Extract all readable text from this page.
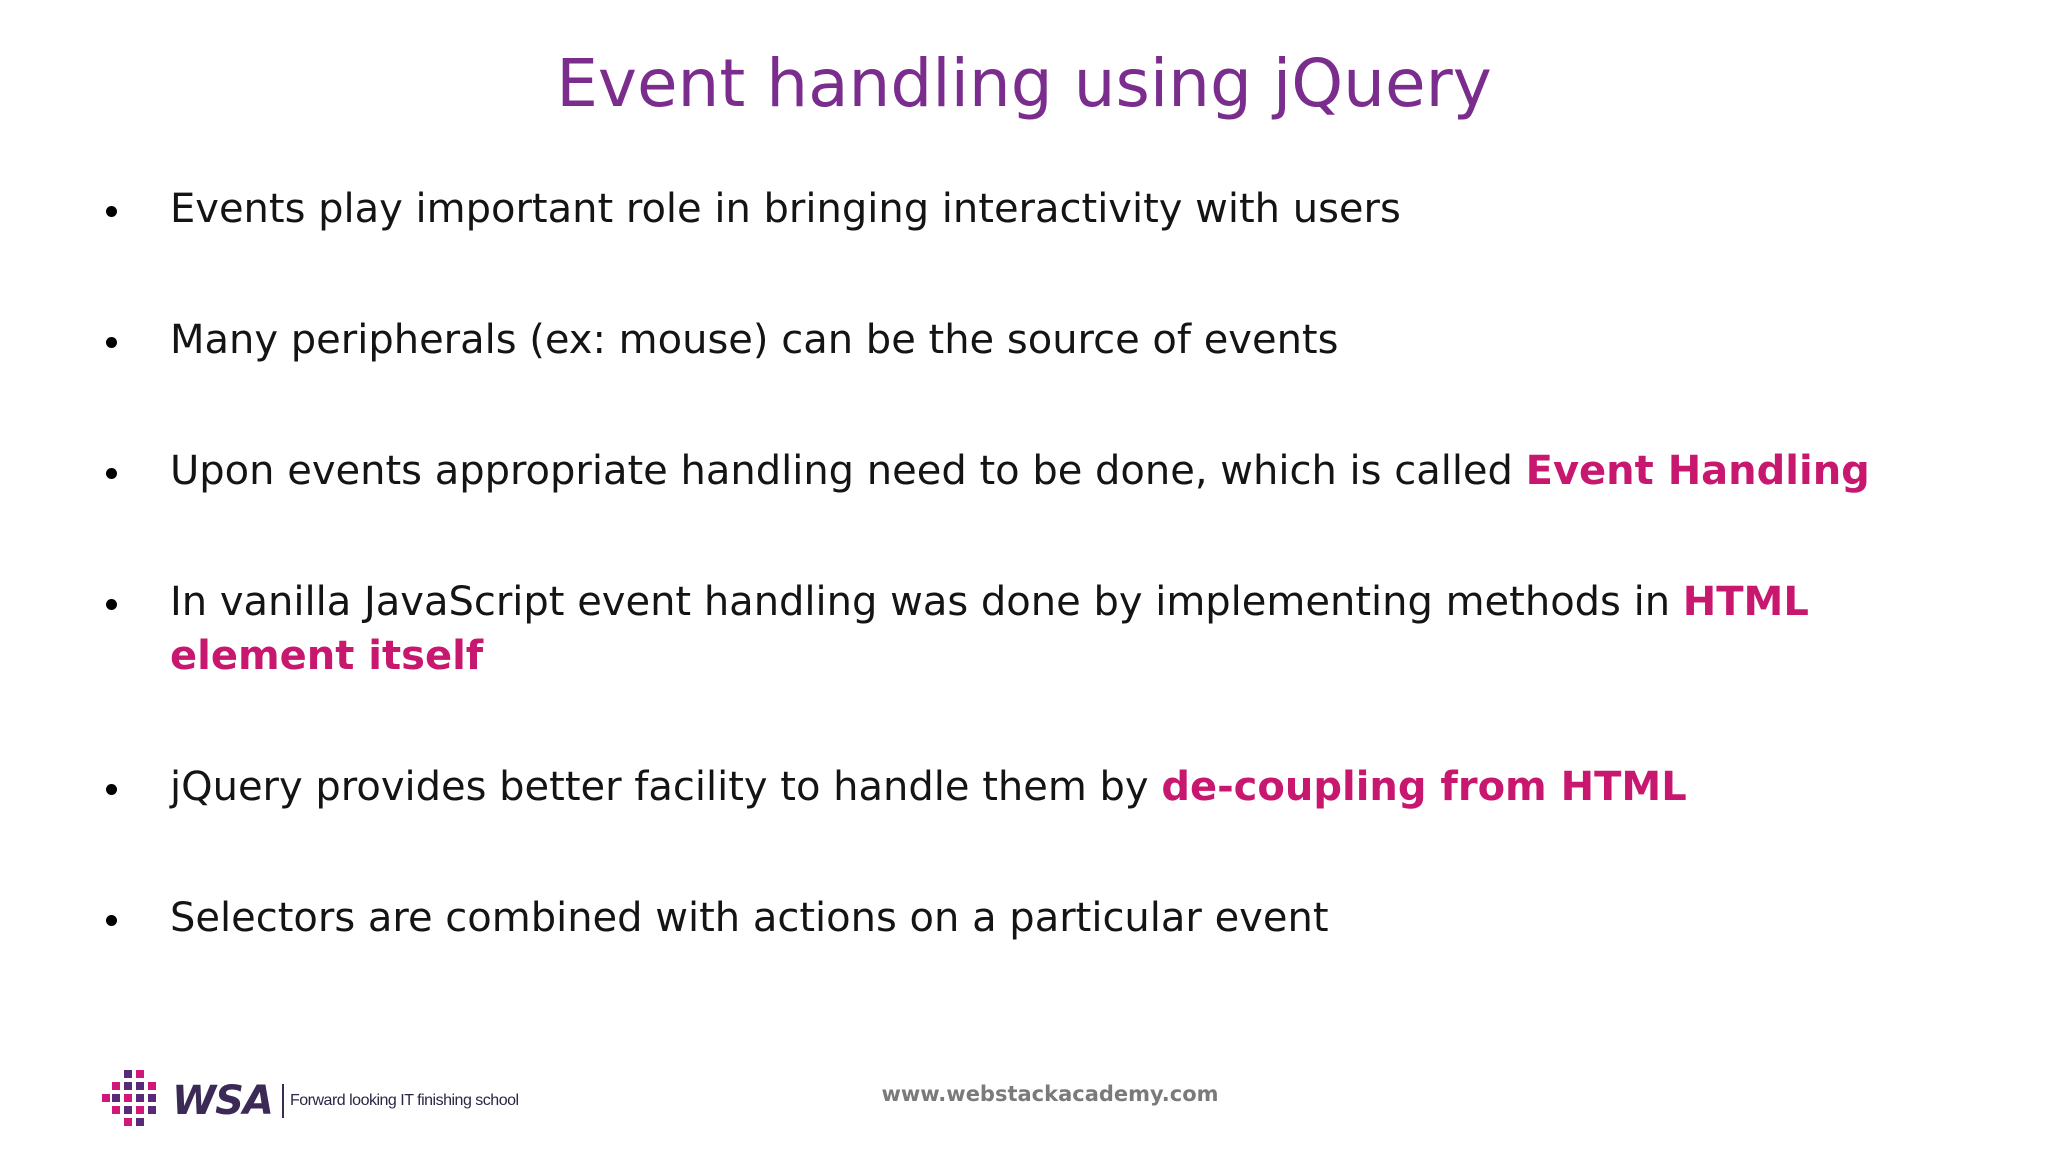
Event handling using jQuery
Events play important role in bringing interactivity with users
Many peripherals (ex: mouse) can be the source of events
Upon events appropriate handling need to be done, which is called Event Handling
In vanilla JavaScript event handling was done by implementing methods in HTML element itself
jQuery provides better facility to handle them by de-coupling from HTML
Selectors are combined with actions on a particular event
WSA Forward looking IT finishing school	www.webstackacademy.com
